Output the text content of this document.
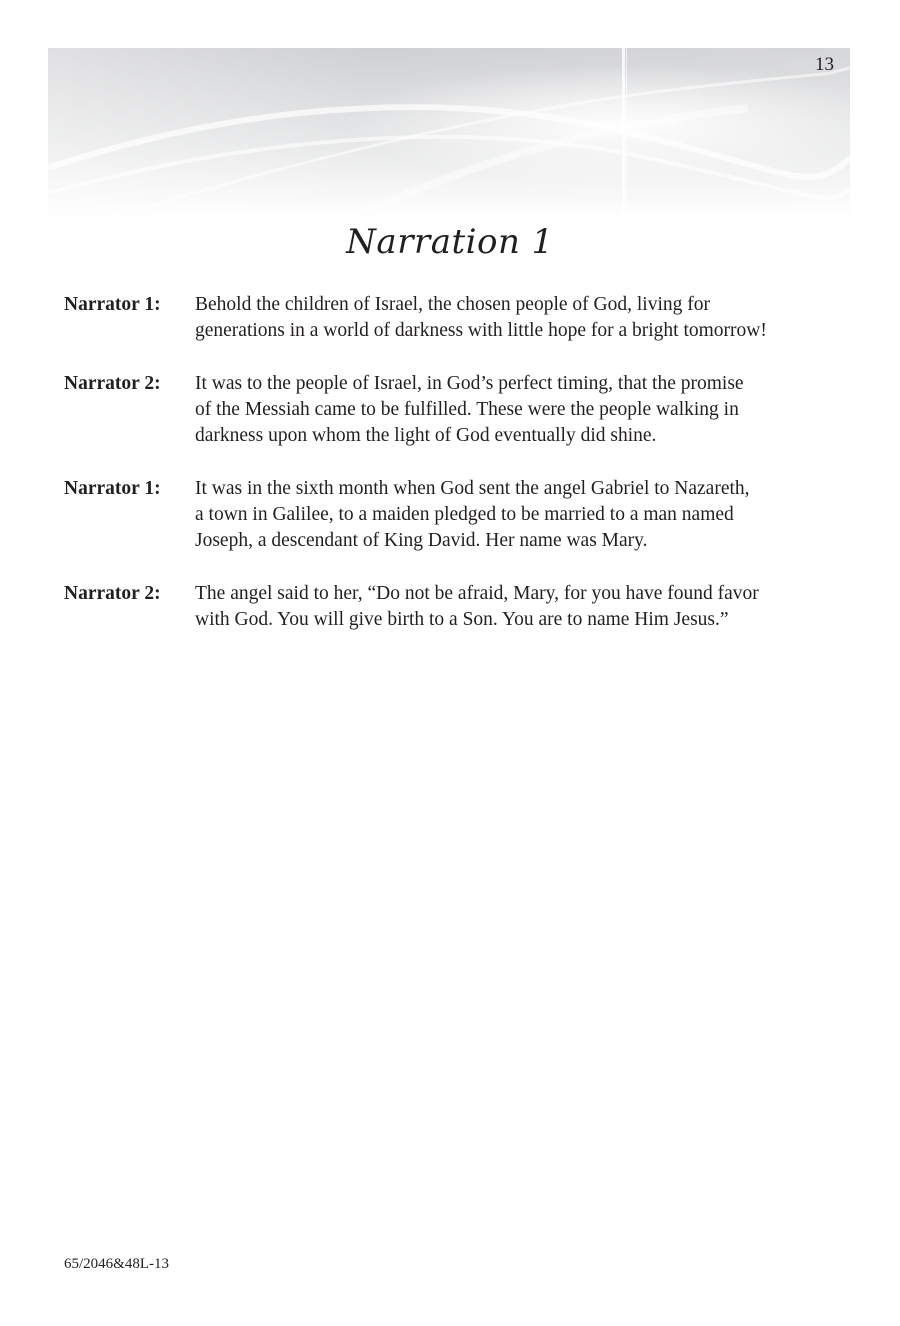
13
Narration 1
Narrator 1:	Behold the children of Israel, the chosen people of God, living for
generations in a world of darkness with little hope for a bright tomorrow!
Narrator 2:	It was to the people of Israel, in God’s perfect timing, that the promise
of the Messiah came to be fulfilled. These were the people walking in
darkness upon whom the light of God eventually did shine.
Narrator 1:	It was in the sixth month when God sent the angel Gabriel to Nazareth,
a town in Galilee, to a maiden pledged to be married to a man named
Joseph, a descendant of King David. Her name was Mary.
Narrator 2:	The angel said to her, “Do not be afraid, Mary, for you have found favor
with God. You will give birth to a Son. You are to name Him Jesus.”
65/2046&48L-13
